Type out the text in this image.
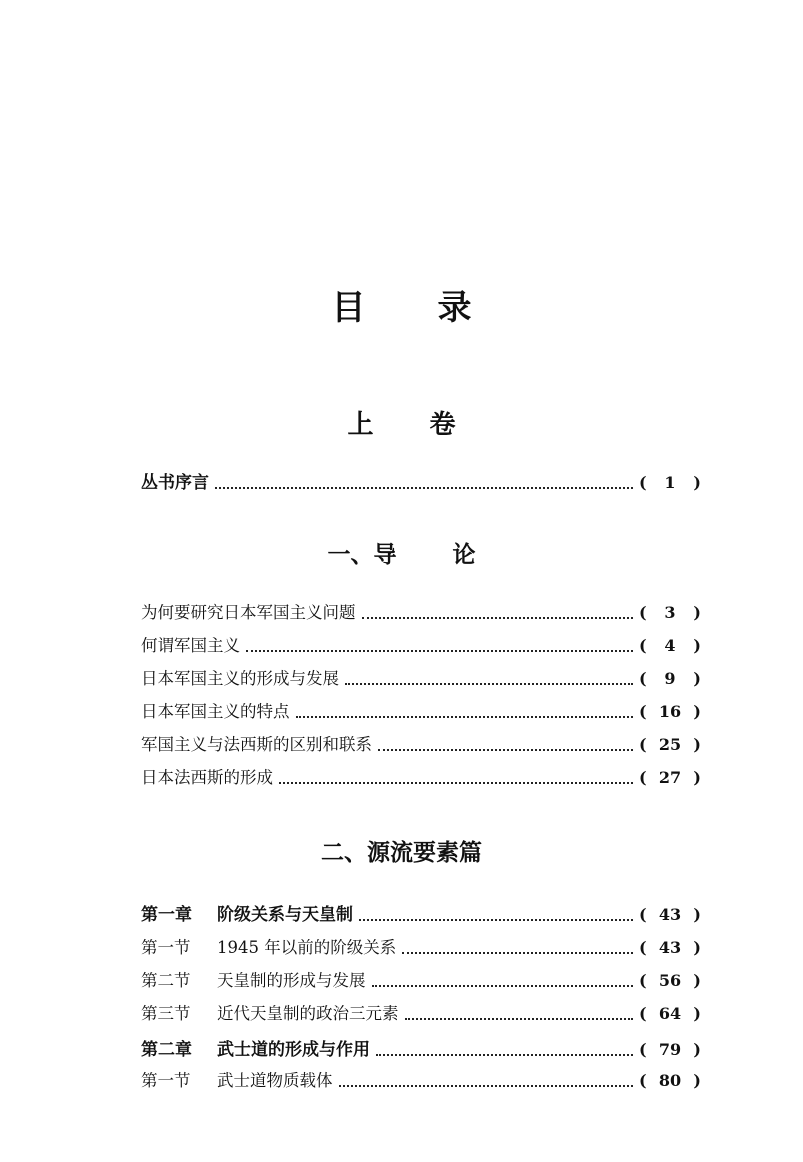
目 录
上 卷
丛书序言	(	1	)
一、导 论
为何要研究日本军国主义问题	(	3	)
何谓军国主义	(	4	)
日本军国主义的形成与发展	(	9	)
日本军国主义的特点	( 16 )
军国主义与法西斯的区别和联系	( 25 )
日本法西斯的形成	( 27 )
二、源流要素篇
第一章 阶级关系与天皇制	( 43 )
第一节 1945 年以前的阶级关系	( 43 )
第二节 天皇制的形成与发展	( 56 )
第三节 近代天皇制的政治三元素	( 64 )
第二章 武士道的形成与作用	( 79 )
第一节 武士道物质载体	( 80 )
